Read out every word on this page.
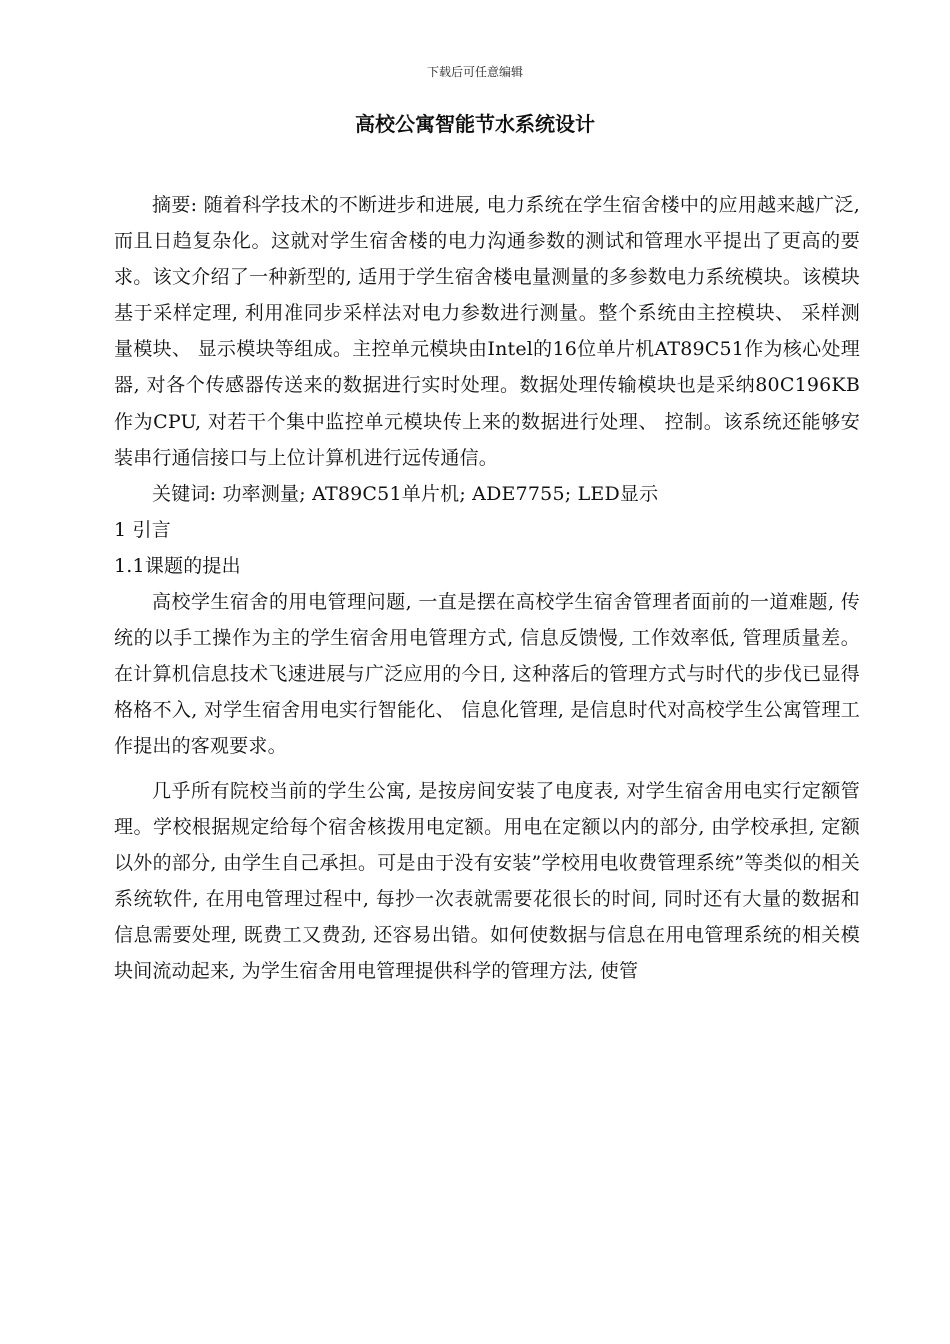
下载后可任意编辑
高校公寓智能节水系统设计

摘要: 随着科学技术的不断进步和进展, 电力系统在学生宿舍楼中的应用越来越广泛, 而且日趋复杂化。这就对学生宿舍楼的电力沟通参数的测试和管理水平提出了更高的要求。该文介绍了一种新型的, 适用于学生宿舍楼电量测量的多参数电力系统模块。该模块基于采样定理, 利用准同步采样法对电力参数进行测量。整个系统由主控模块、 采样测量模块、 显示模块等组成。主控单元模块由Intel的16位单片机AT89C51作为核心处理器, 对各个传感器传送来的数据进行实时处理。数据处理传输模块也是采纳80C196KB作为CPU, 对若干个集中监控单元模块传上来的数据进行处理、 控制。该系统还能够安装串行通信接口与上位计算机进行远传通信。

关键词: 功率测量; AT89C51单片机; ADE7755; LED显示

1 引言

1.1课题的提出

高校学生宿舍的用电管理问题, 一直是摆在高校学生宿舍管理者面前的一道难题, 传统的以手工操作为主的学生宿舍用电管理方式, 信息反馈慢, 工作效率低, 管理质量差。在计算机信息技术飞速进展与广泛应用的今日, 这种落后的管理方式与时代的步伐已显得格格不入, 对学生宿舍用电实行智能化、 信息化管理, 是信息时代对高校学生公寓管理工作提出的客观要求。

几乎所有院校当前的学生公寓, 是按房间安装了电度表, 对学生宿舍用电实行定额管理。学校根据规定给每个宿舍核拨用电定额。用电在定额以内的部分, 由学校承担, 定额以外的部分, 由学生自己承担。可是由于没有安装”学校用电收费管理系统”等类似的相关系统软件, 在用电管理过程中, 每抄一次表就需要花很长的时间, 同时还有大量的数据和信息需要处理, 既费工又费劲, 还容易出错。如何使数据与信息在用电管理系统的相关模块间流动起来, 为学生宿舍用电管理提供科学的管理方法, 使管
